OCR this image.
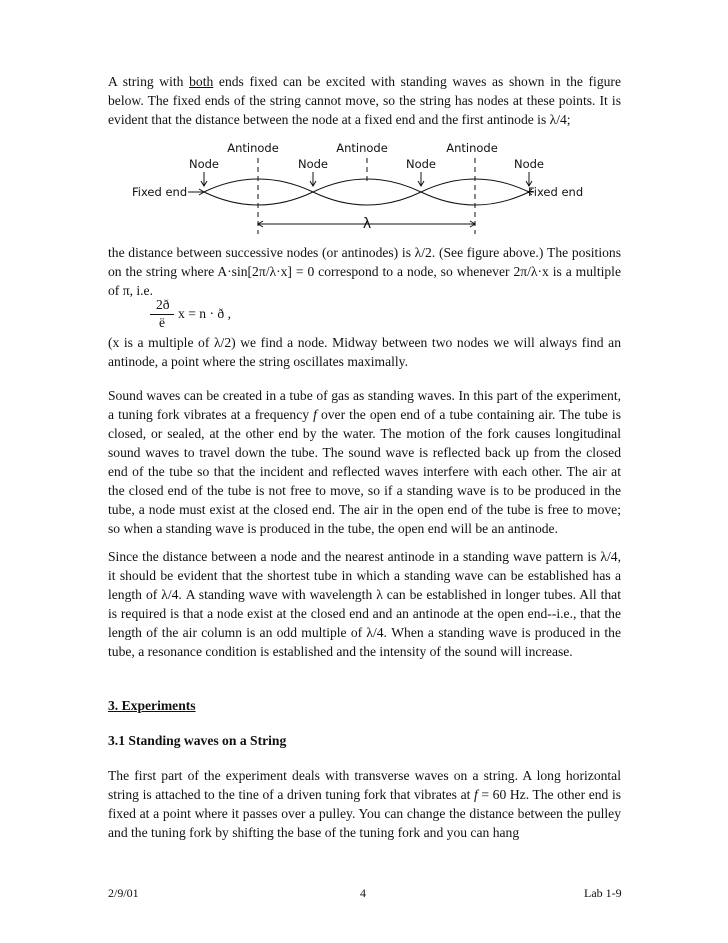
A string with both ends fixed can be excited with standing waves as shown in the figure below. The fixed ends of the string cannot move, so the string has nodes at these points. It is evident that the distance between the node at a fixed end and the first antinode is λ/4;

Antinode	Antinode	Antinode
Node	Node	Node	Node
Fixed end	Fixed end
λ

the distance between successive nodes (or antinodes) is λ/2. (See figure above.) The positions on the string where A·sin[2π/λ·x] = 0 correspond to a node, so whenever 2π/λ·x is a multiple of π, i.e.

2ð
ë
x = n · ð ,

(x is a multiple of λ/2) we find a node. Midway between two nodes we will always find an antinode, a point where the string oscillates maximally.

Sound waves can be created in a tube of gas as standing waves. In this part of the experiment, a tuning fork vibrates at a frequency f over the open end of a tube containing air. The tube is closed, or sealed, at the other end by the water. The motion of the fork causes longitudinal sound waves to travel down the tube. The sound wave is reflected back up from the closed end of the tube so that the incident and reflected waves interfere with each other. The air at the closed end of the tube is not free to move, so if a standing wave is to be produced in the tube, a node must exist at the closed end. The air in the open end of the tube is free to move; so when a standing wave is produced in the tube, the open end will be an antinode.

Since the distance between a node and the nearest antinode in a standing wave pattern is λ/4, it should be evident that the shortest tube in which a standing wave can be established has a length of λ/4. A standing wave with wavelength λ can be established in longer tubes. All that is required is that a node exist at the closed end and an antinode at the open end--i.e., that the length of the air column is an odd multiple of λ/4. When a standing wave is produced in the tube, a resonance condition is established and the intensity of the sound will increase.

3. Experiments

3.1 Standing waves on a String

The first part of the experiment deals with transverse waves on a string. A long horizontal string is attached to the tine of a driven tuning fork that vibrates at f = 60 Hz. The other end is fixed at a point where it passes over a pulley. You can change the distance between the pulley and the tuning fork by shifting the base of the tuning fork and you can hang

2/9/01	4	Lab 1-9
